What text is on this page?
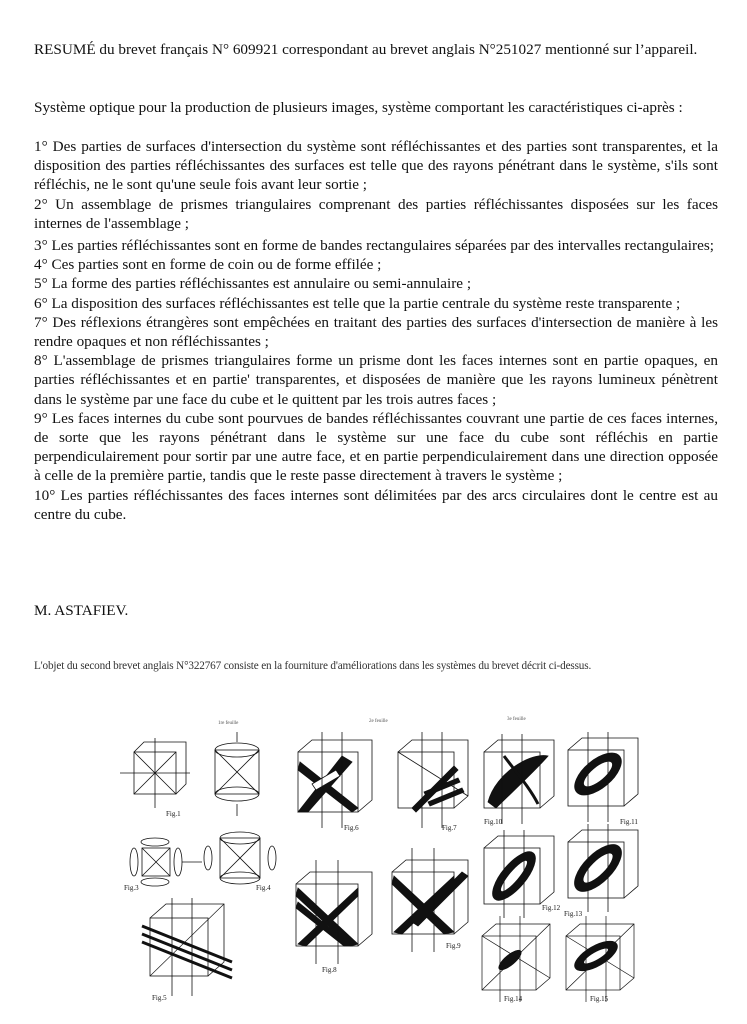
RESUMÉ du brevet français N° 609921 correspondant au brevet anglais N°251027 mentionné sur l’appareil.
Système optique pour la production de plusieurs images, système comportant les caractéristiques ci-après :
1° Des parties de surfaces d'intersection du système sont réfléchissantes et des parties sont transparentes, et la disposition des parties réfléchissantes des surfaces est telle que des rayons pénétrant dans le système, s'ils sont réfléchis, ne le sont qu'une seule fois avant leur sortie ;
2° Un assemblage de prismes triangulaires comprenant des parties réfléchissantes disposées sur les faces internes de l'assemblage ;
3° Les parties réfléchissantes sont en forme de bandes rectangulaires séparées par des intervalles rectangulaires;
4° Ces parties sont en forme de coin ou de forme effilée ;
5° La forme des parties réfléchissantes est annulaire ou semi-annulaire ;
6° La disposition des surfaces réfléchissantes est telle que la partie centrale du système reste transparente ;
7° Des réflexions étrangères sont empêchées en traitant des parties des surfaces d'intersection de manière à les rendre opaques et non réfléchissantes ;
8° L'assemblage de prismes triangulaires forme un prisme dont les faces internes sont en partie opaques, en parties réfléchissantes et en partie' transparentes, et disposées de manière que les rayons lumineux pénètrent dans le système par une face du cube et le quittent par les trois autres faces ;
9° Les faces internes du cube sont pourvues de bandes réfléchissantes couvrant une partie de ces faces internes, de sorte que les rayons pénétrant dans le système sur une face du cube sont réfléchis en partie perpendiculairement pour sortir par une autre face, et en partie perpendiculairement dans une direction opposée à celle de la première partie, tandis que le reste passe directement à travers le système ;
10° Les parties réfléchissantes des faces internes sont délimitées par des arcs circulaires dont le centre est au centre du cube.
M. ASTAFIEV.
L'objet du second brevet anglais N°322767 consiste en la fourniture d'améliorations dans les systèmes du brevet décrit ci-dessus.
1re feuille	2e feuille	3e feuille
Fig.1
Fig.3	Fig.4
Fig.5
Fig.6	Fig.7
Fig.8
Fig.9
Fig.10	Fig.11
Fig.12
Fig.13
Fig.14	Fig.15
